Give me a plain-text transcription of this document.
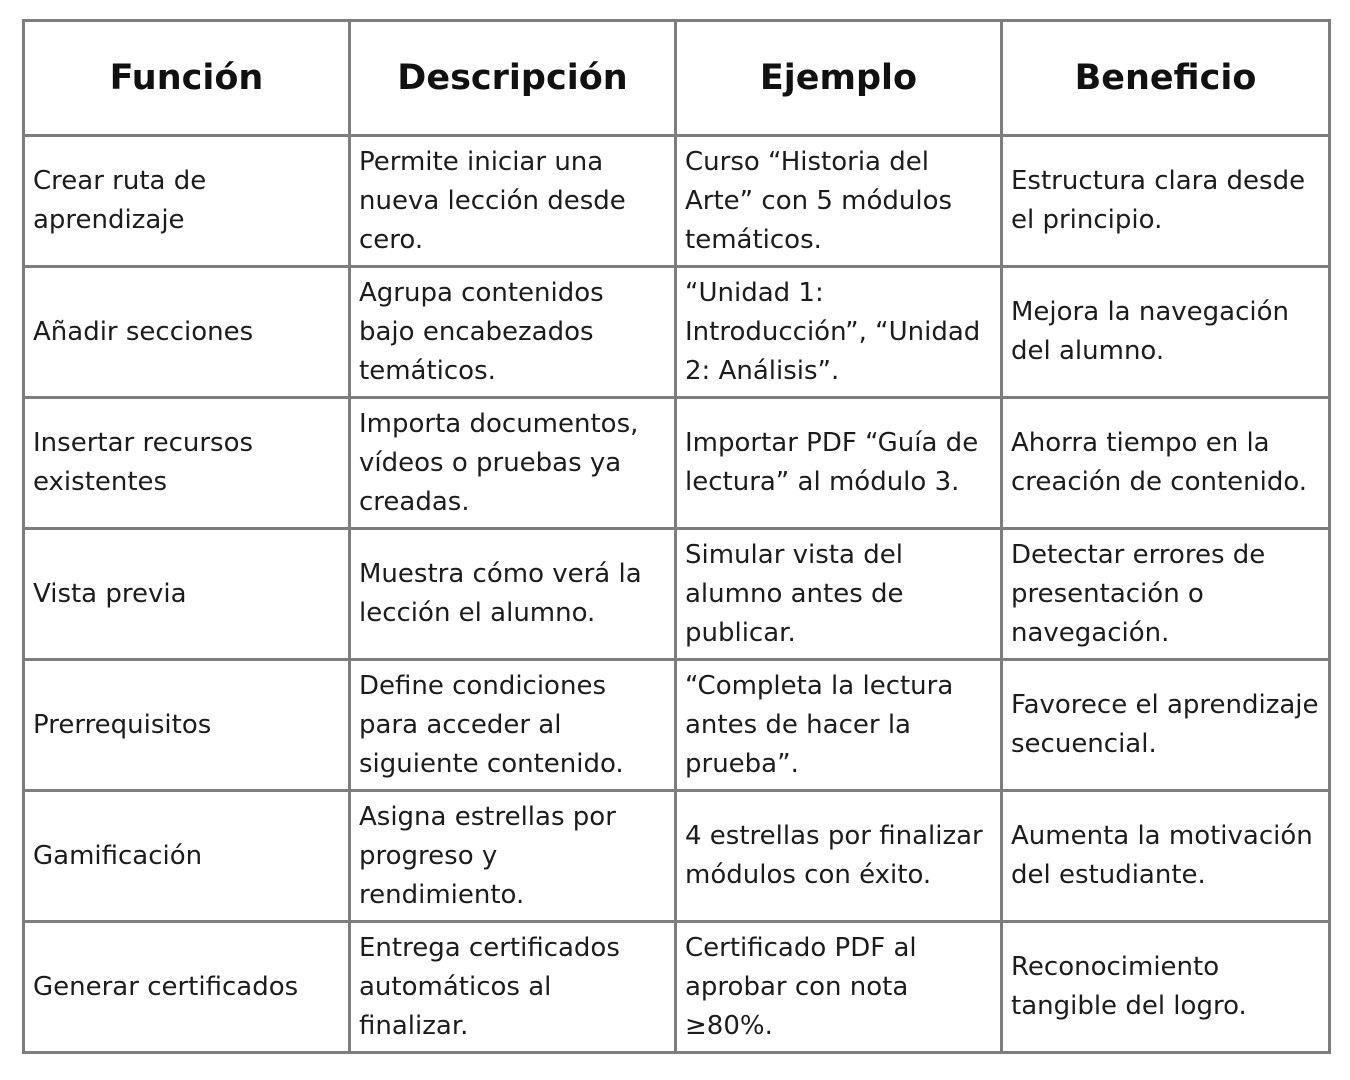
Función	Descripción	Ejemplo	Beneficio
Crear ruta de aprendizaje	Permite iniciar una nueva lección desde cero.	Curso “Historia del Arte” con 5 módulos temáticos.	Estructura clara desde el principio.
Añadir secciones	Agrupa contenidos bajo encabezados temáticos.	“Unidad 1: Introducción”, “Unidad 2: Análisis”.	Mejora la navegación del alumno.
Insertar recursos existentes	Importa documentos, vídeos o pruebas ya creadas.	Importar PDF “Guía de lectura” al módulo 3.	Ahorra tiempo en la creación de contenido.
Vista previa	Muestra cómo verá la lección el alumno.	Simular vista del alumno antes de publicar.	Detectar errores de presentación o navegación.
Prerrequisitos	Define condiciones para acceder al siguiente contenido.	“Completa la lectura antes de hacer la prueba”.	Favorece el aprendizaje secuencial.
Gamificación	Asigna estrellas por progreso y rendimiento.	4 estrellas por finalizar módulos con éxito.	Aumenta la motivación del estudiante.
Generar certificados	Entrega certificados automáticos al finalizar.	Certificado PDF al aprobar con nota ≥80%.	Reconocimiento tangible del logro.
